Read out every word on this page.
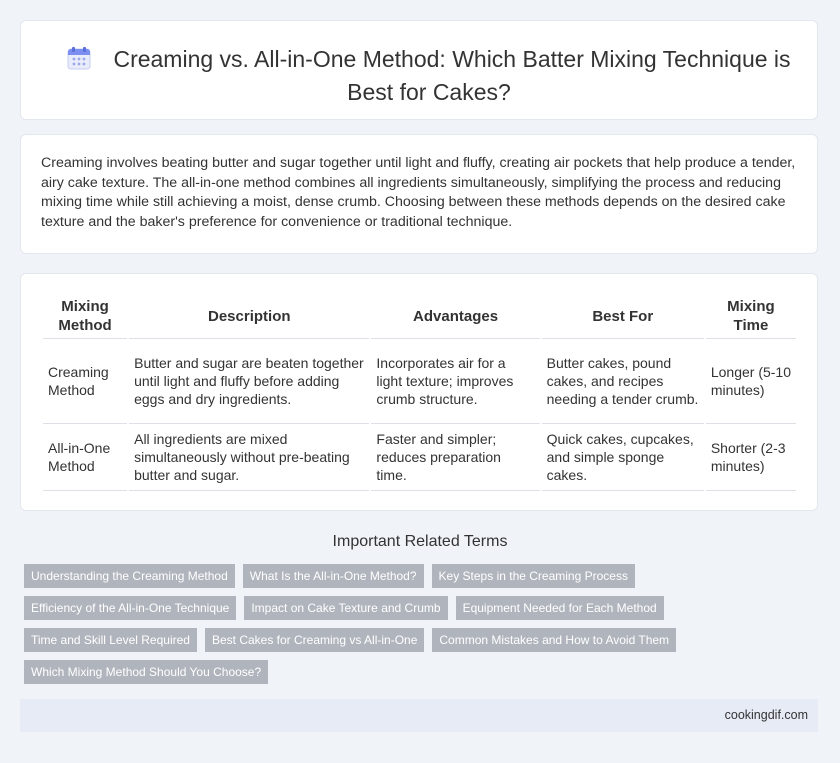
Creaming vs. All-in-One Method: Which Batter Mixing Technique is Best for Cakes?
Creaming involves beating butter and sugar together until light and fluffy, creating air pockets that help produce a tender, airy cake texture. The all-in-one method combines all ingredients simultaneously, simplifying the process and reducing mixing time while still achieving a moist, dense crumb. Choosing between these methods depends on the desired cake texture and the baker's preference for convenience or traditional technique.
Mixing Method	Description	Advantages	Best For	Mixing Time
Creaming Method	Butter and sugar are beaten together until light and fluffy before adding eggs and dry ingredients.	Incorporates air for a light texture; improves crumb structure.	Butter cakes, pound cakes, and recipes needing a tender crumb.	Longer (5-10 minutes)
All-in-One Method	All ingredients are mixed simultaneously without pre-beating butter and sugar.	Faster and simpler; reduces preparation time.	Quick cakes, cupcakes, and simple sponge cakes.	Shorter (2-3 minutes)
Important Related Terms
Understanding the Creaming Method	What Is the All-in-One Method?	Key Steps in the Creaming Process
Efficiency of the All-in-One Technique	Impact on Cake Texture and Crumb	Equipment Needed for Each Method
Time and Skill Level Required	Best Cakes for Creaming vs All-in-One	Common Mistakes and How to Avoid Them
Which Mixing Method Should You Choose?
cookingdif.com
